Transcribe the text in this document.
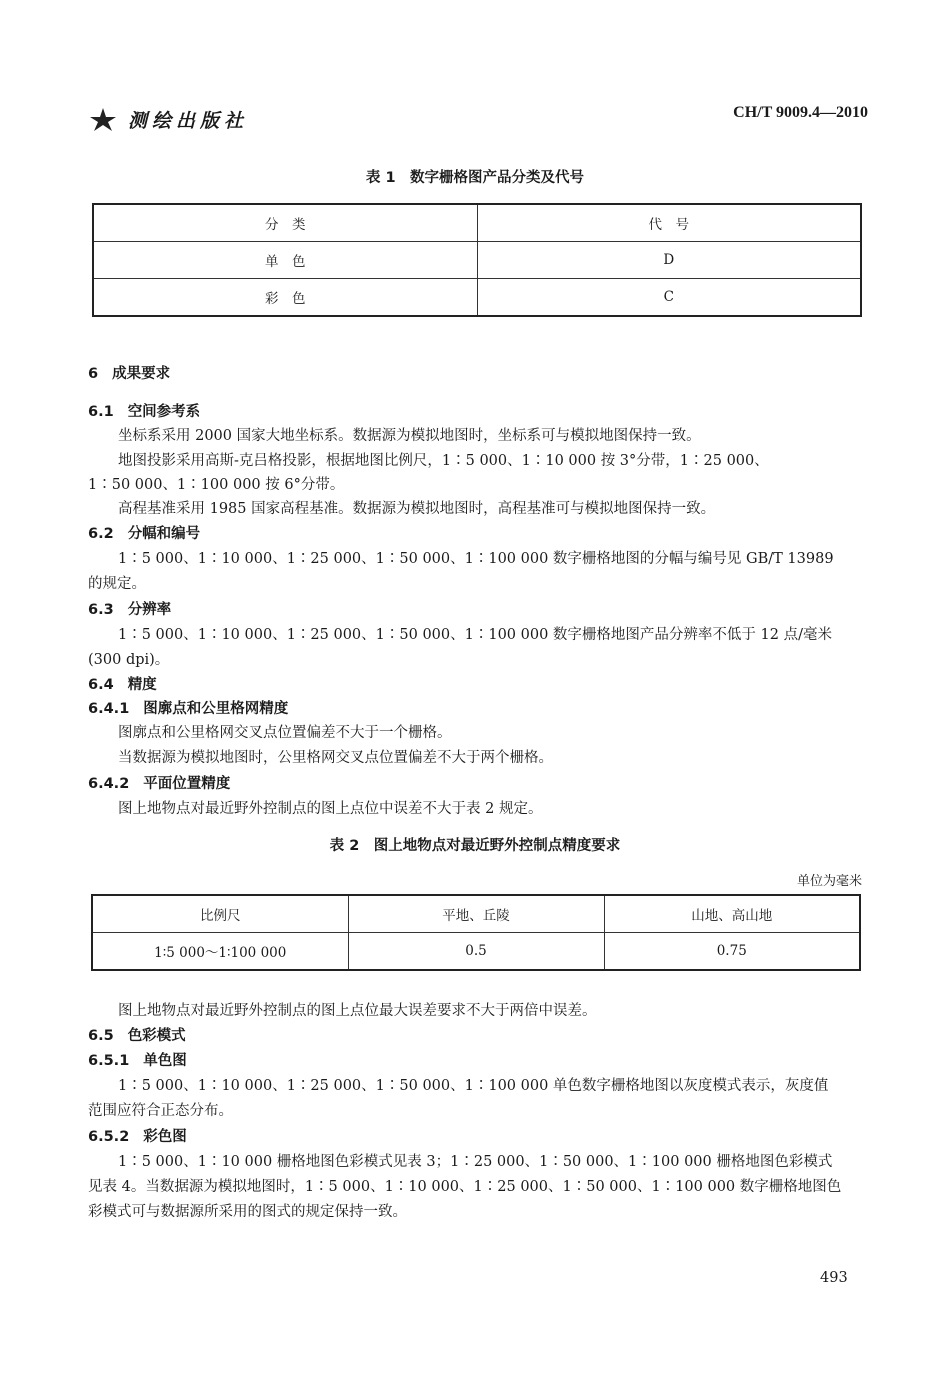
测绘出版社	CH/T 9009.4—2010
表 1　数字栅格图产品分类及代号
分　类	代　号
单　色	D
彩　色	C
6 成果要求
6.1 空间参考系
坐标系采用 2000 国家大地坐标系。数据源为模拟地图时，坐标系可与模拟地图保持一致。
地图投影采用高斯-克吕格投影，根据地图比例尺，1∶5 000、1∶10 000 按 3°分带，1∶25 000、
1∶50 000、1∶100 000 按 6°分带。
高程基准采用 1985 国家高程基准。数据源为模拟地图时，高程基准可与模拟地图保持一致。
6.2 分幅和编号
1∶5 000、1∶10 000、1∶25 000、1∶50 000、1∶100 000 数字栅格地图的分幅与编号见 GB/T 13989
的规定。
6.3 分辨率
1∶5 000、1∶10 000、1∶25 000、1∶50 000、1∶100 000 数字栅格地图产品分辨率不低于 12 点/毫米
(300 dpi)。
6.4 精度
6.4.1 图廓点和公里格网精度
图廓点和公里格网交叉点位置偏差不大于一个栅格。
当数据源为模拟地图时，公里格网交叉点位置偏差不大于两个栅格。
6.4.2 平面位置精度
图上地物点对最近野外控制点的图上点位中误差不大于表 2 规定。
表 2　图上地物点对最近野外控制点精度要求
单位为毫米
比例尺	平地、丘陵	山地、高山地
1∶5 000～1∶100 000	0.5	0.75
图上地物点对最近野外控制点的图上点位最大误差要求不大于两倍中误差。
6.5 色彩模式
6.5.1 单色图
1∶5 000、1∶10 000、1∶25 000、1∶50 000、1∶100 000 单色数字栅格地图以灰度模式表示，灰度值
范围应符合正态分布。
6.5.2 彩色图
1∶5 000、1∶10 000 栅格地图色彩模式见表 3；1∶25 000、1∶50 000、1∶100 000 栅格地图色彩模式
见表 4。当数据源为模拟地图时，1∶5 000、1∶10 000、1∶25 000、1∶50 000、1∶100 000 数字栅格地图色
彩模式可与数据源所采用的图式的规定保持一致。
493
